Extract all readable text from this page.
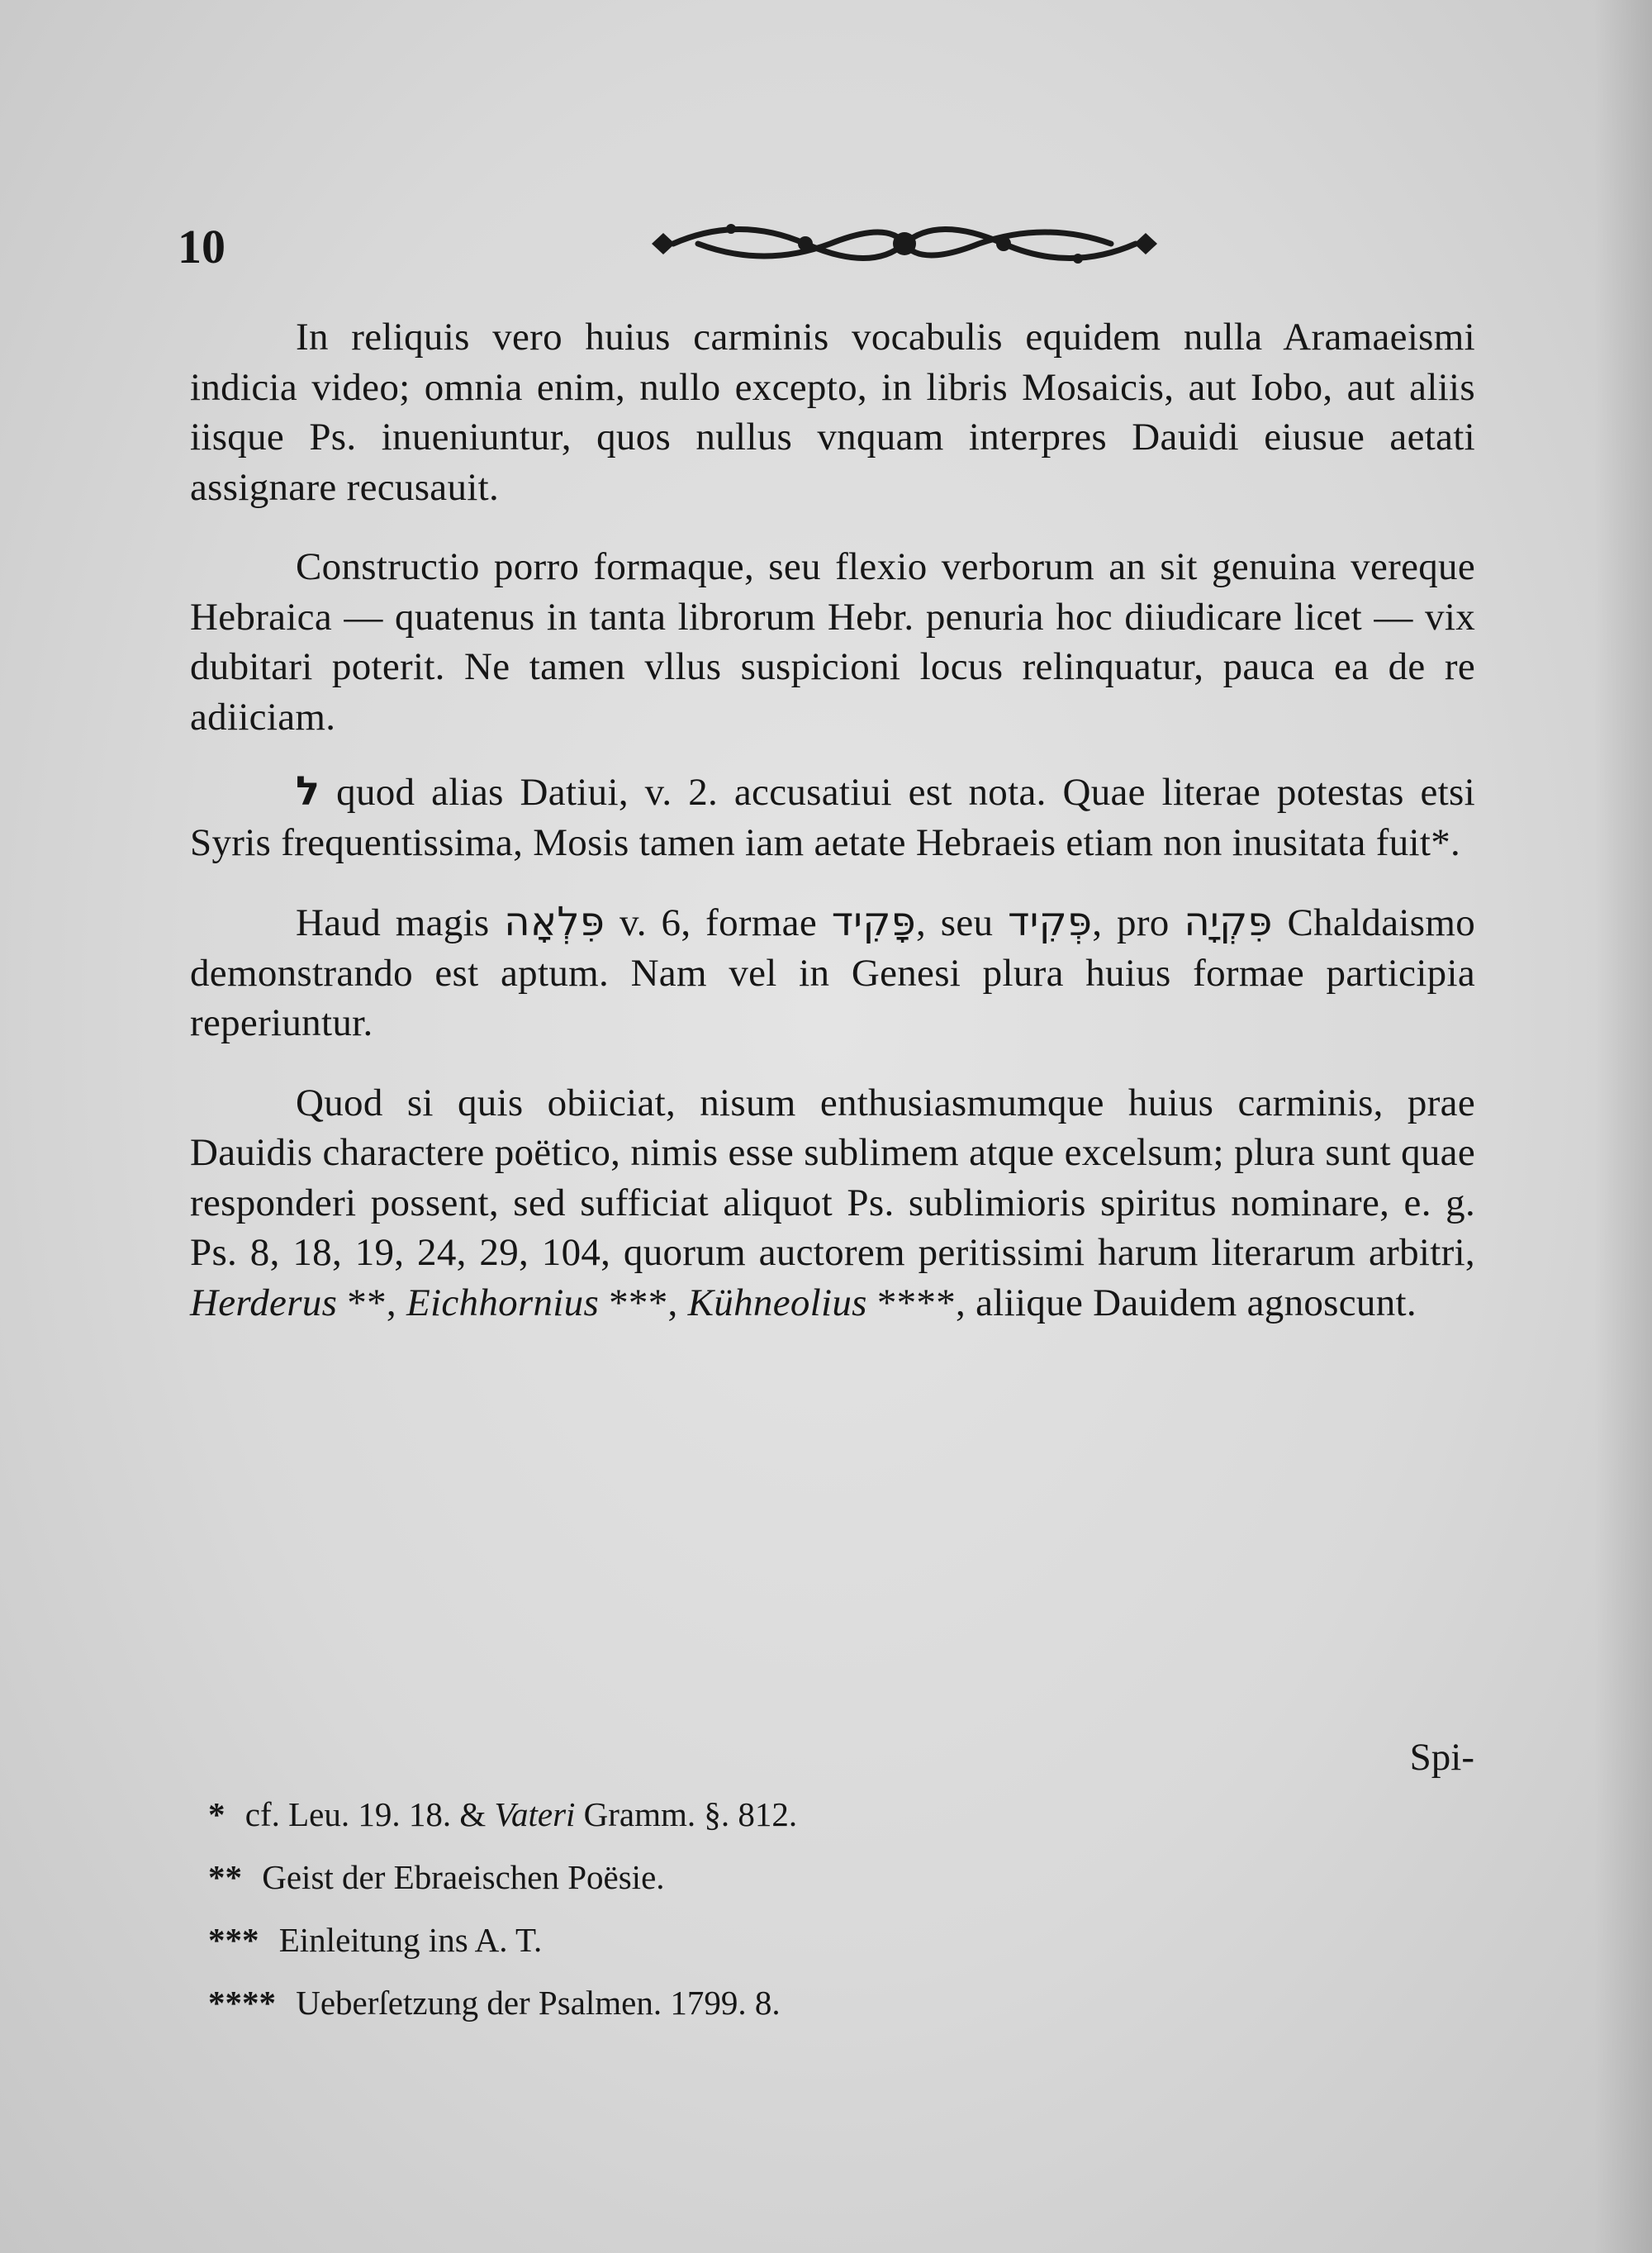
10

In reliquis vero huius carminis vocabulis equidem nulla Aramaeismi indicia video; omnia enim, nullo excepto, in libris Mosaicis, aut Iobo, aut aliis iisque Ps. inueniuntur, quos nullus vnquam interpres Dauidi eiusue aetati assignare recusauit.

Constructio porro formaque, seu flexio verborum an sit genuina vereque Hebraica — quatenus in tanta librorum Hebr. penuria hoc diiudicare licet — vix dubitari poterit. Ne tamen vllus suspicioni locus relinquatur, pauca ea de re adiiciam.

ל quod alias Datiui, v. 2. accusatiui est nota. Quae literae potestas etsi Syris frequentissima, Mosis tamen iam aetate Hebraeis etiam non inusitata fuit*.

Haud magis פִּלְאָה v. 6, formae פָּקִיד, seu פְּקִיד, pro פִּקְיָה Chaldaismo demonstrando est aptum. Nam vel in Genesi plura huius formae participia reperiuntur.

Quod si quis obiiciat, nisum enthusiasmumque huius carminis, prae Dauidis charactere poëtico, nimis esse sublimem atque excelsum; plura sunt quae responderi possent, sed sufficiat aliquot Ps. sublimioris spiritus nominare, e. g. Ps. 8, 18, 19, 24, 29, 104, quorum auctorem peritissimi harum literarum arbitri, Herderus **, Eichhornius ***, Kühneolius ****, aliique Dauidem agnoscunt.

Spi-
* cf. Leu. 19. 18. & Vateri Gramm. §. 812.
** Geist der Ebraeischen Poësie.
*** Einleitung ins A. T.
**** Ueberſetzung der Psalmen. 1799. 8.
